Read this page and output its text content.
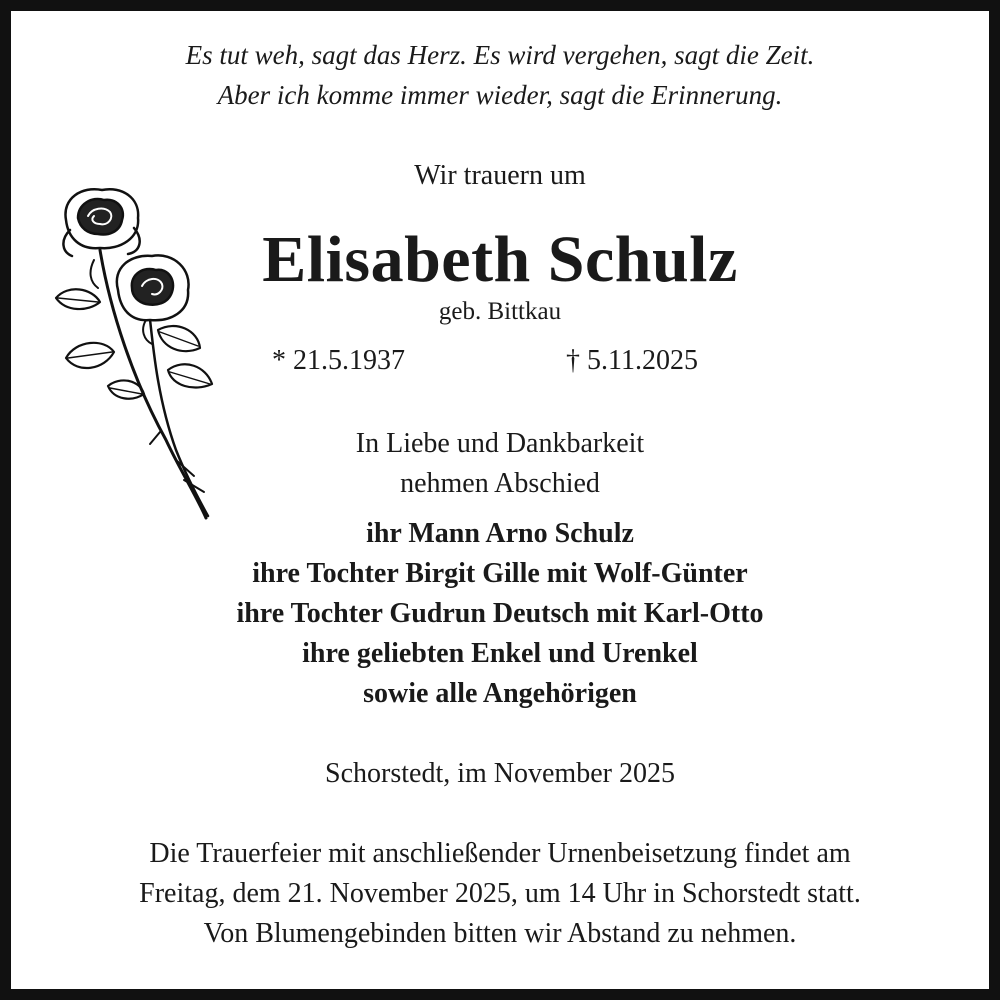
Es tut weh, sagt das Herz. Es wird vergehen, sagt die Zeit.

Aber ich komme immer wieder, sagt die Erinnerung.

Wir trauern um

Elisabeth Schulz

geb. Bittkau

* 21.5.1937	† 5.11.2025

In Liebe und Dankbarkeit

nehmen Abschied

ihr Mann Arno Schulz

ihre Tochter Birgit Gille mit Wolf-Günter

ihre Tochter Gudrun Deutsch mit Karl-Otto

ihre geliebten Enkel und Urenkel

sowie alle Angehörigen

Schorstedt, im November 2025

Die Trauerfeier mit anschließender Urnenbeisetzung findet am

Freitag, dem 21. November 2025, um 14 Uhr in Schorstedt statt.

Von Blumengebinden bitten wir Abstand zu nehmen.
